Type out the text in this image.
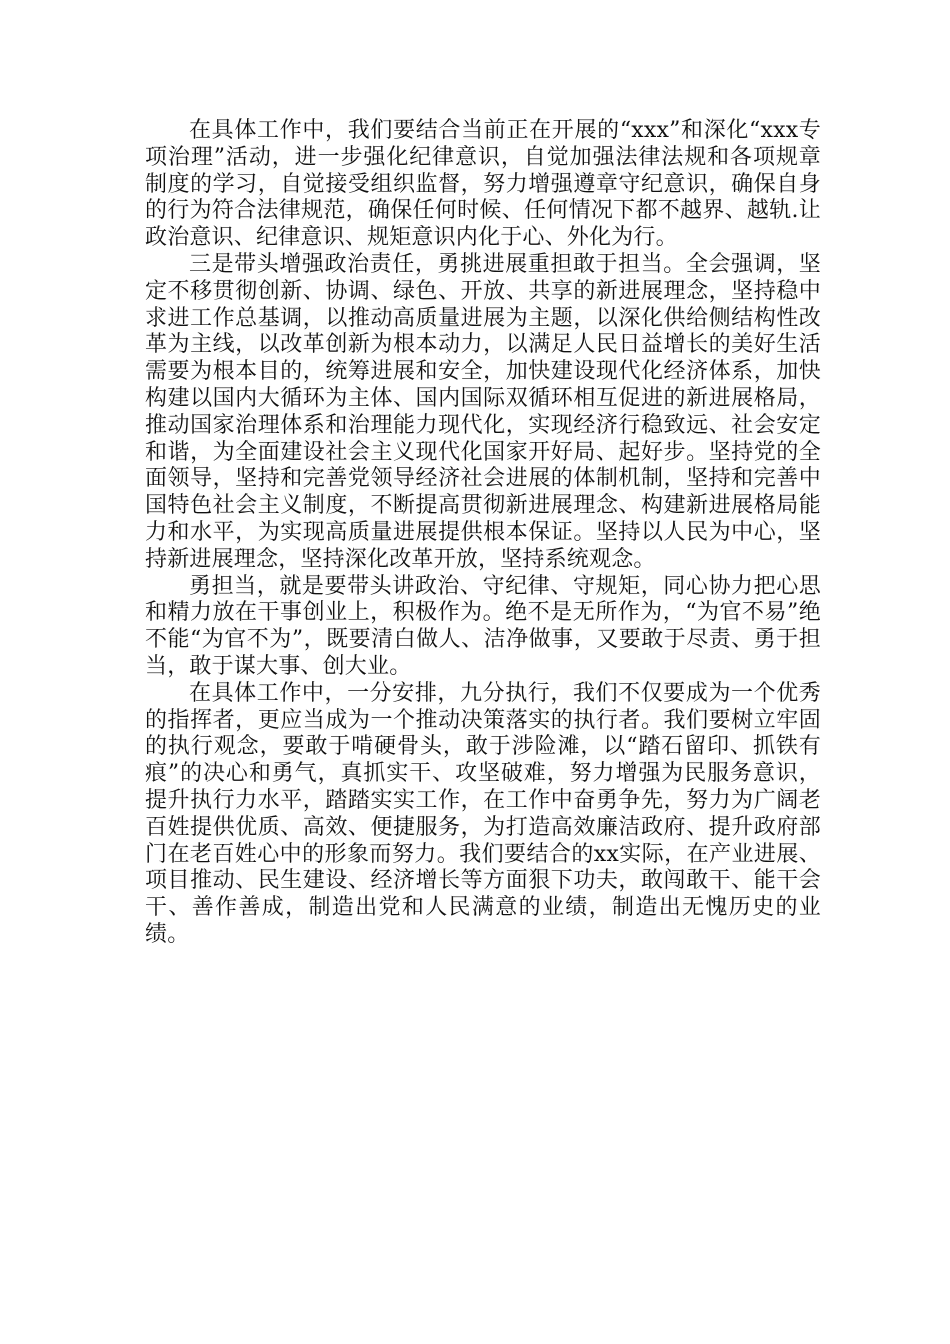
在具体工作中，我们要结合当前正在开展的“xxx”和深化“xxx专项治理”活动，进一步强化纪律意识，自觉加强法律法规和各项规章制度的学习，自觉接受组织监督，努力增强遵章守纪意识，确保自身的行为符合法律规范，确保任何时候、任何情况下都不越界、越轨.让政治意识、纪律意识、规矩意识内化于心、外化为行。

三是带头增强政治责任，勇挑进展重担敢于担当。全会强调，坚定不移贯彻创新、协调、绿色、开放、共享的新进展理念，坚持稳中求进工作总基调，以推动高质量进展为主题，以深化供给侧结构性改革为主线，以改革创新为根本动力，以满足人民日益增长的美好生活需要为根本目的，统筹进展和安全，加快建设现代化经济体系，加快构建以国内大循环为主体、国内国际双循环相互促进的新进展格局，推动国家治理体系和治理能力现代化，实现经济行稳致远、社会安定和谐，为全面建设社会主义现代化国家开好局、起好步。坚持党的全面领导，坚持和完善党领导经济社会进展的体制机制，坚持和完善中国特色社会主义制度，不断提高贯彻新进展理念、构建新进展格局能力和水平，为实现高质量进展提供根本保证。坚持以人民为中心，坚持新进展理念，坚持深化改革开放，坚持系统观念。

勇担当，就是要带头讲政治、守纪律、守规矩，同心协力把心思和精力放在干事创业上，积极作为。绝不是无所作为，“为官不易”绝不能“为官不为”，既要清白做人、洁净做事，又要敢于尽责、勇于担当，敢于谋大事、创大业。

在具体工作中，一分安排，九分执行，我们不仅要成为一个优秀的指挥者，更应当成为一个推动决策落实的执行者。我们要树立牢固的执行观念，要敢于啃硬骨头，敢于涉险滩，以“踏石留印、抓铁有痕”的决心和勇气，真抓实干、攻坚破难，努力增强为民服务意识，提升执行力水平，踏踏实实工作，在工作中奋勇争先，努力为广阔老百姓提供优质、高效、便捷服务，为打造高效廉洁政府、提升政府部门在老百姓心中的形象而努力。我们要结合的xx实际，在产业进展、项目推动、民生建设、经济增长等方面狠下功夫，敢闯敢干、能干会干、善作善成，制造出党和人民满意的业绩，制造出无愧历史的业绩。
